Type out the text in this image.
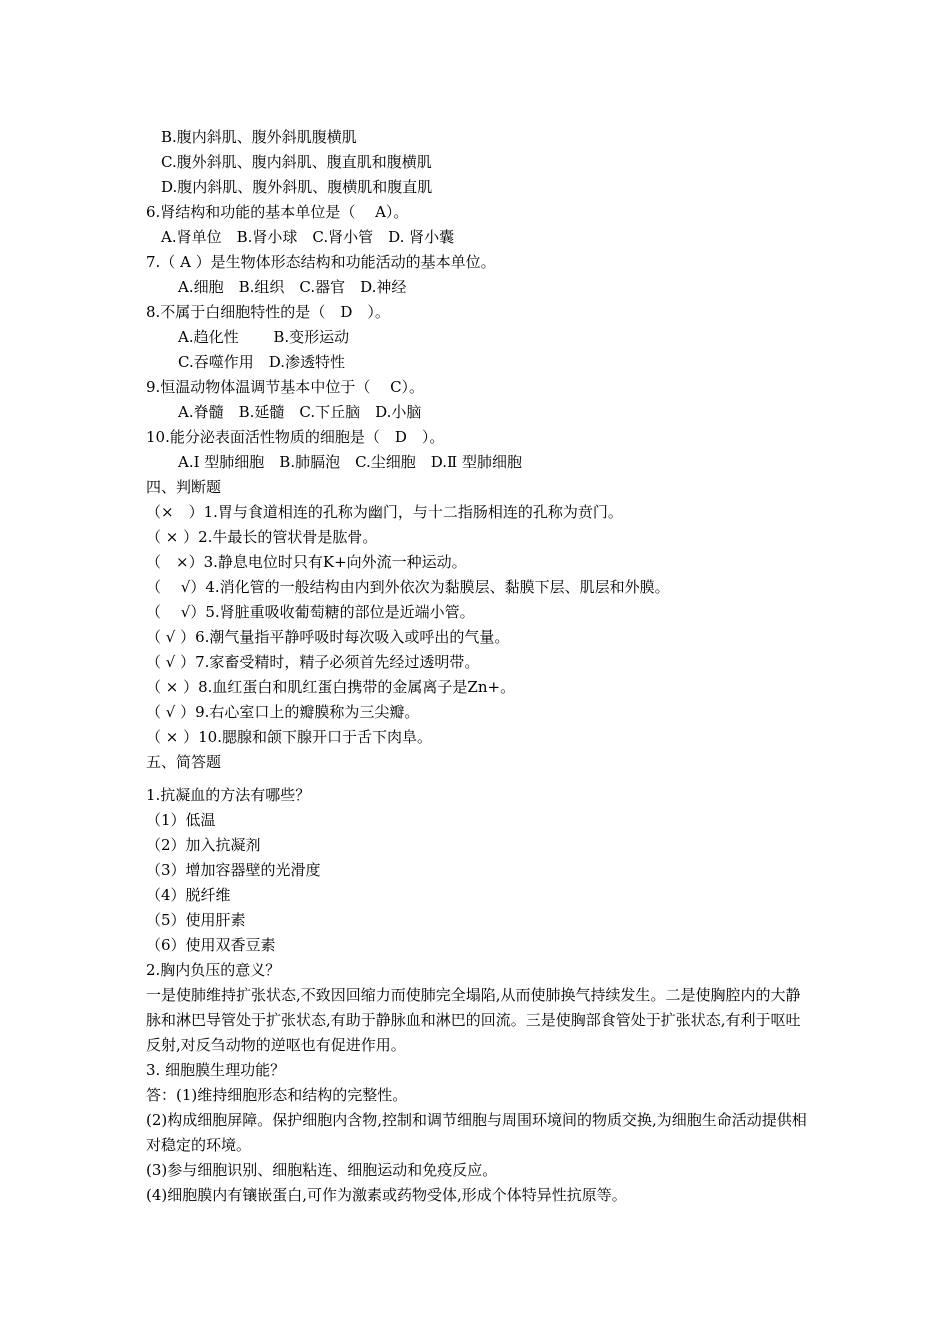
B.腹内斜肌、腹外斜肌腹横肌
C.腹外斜肌、腹内斜肌、腹直肌和腹横肌
D.腹内斜肌、腹外斜肌、腹横肌和腹直肌
6.肾结构和功能的基本单位是（　 A）。
A.肾单位　B.肾小球　C.肾小管　D. 肾小囊
7.（ A ）是生物体形态结构和功能活动的基本单位。
A.细胞　B.组织　C.器官　D.神经
8.不属于白细胞特性的是（　D　）。
A.趋化性　　 B.变形运动
C.吞噬作用　D.渗透特性
9.恒温动物体温调节基本中位于（　 C）。
A.脊髓　B.延髓　C.下丘脑　D.小脑
10.能分泌表面活性物质的细胞是（　D　）。
A.Ⅰ 型肺细胞　B.肺膈泡　C.尘细胞　D.Ⅱ 型肺细胞
四、判断题
（×　）1.胃与食道相连的孔称为幽门，与十二指肠相连的孔称为贲门。
（ × ）2.牛最长的管状骨是肱骨。
（　×）3.静息电位时只有K+向外流一种运动。
（　 √）4.消化管的一般结构由内到外依次为黏膜层、黏膜下层、肌层和外膜。
（　 √）5.肾脏重吸收葡萄糖的部位是近端小管。
（ √ ）6.潮气量指平静呼吸时每次吸入或呼出的气量。
（ √ ）7.家畜受精时，精子必须首先经过透明带。
（ × ）8.血红蛋白和肌红蛋白携带的金属离子是Zn+。
（ √ ）9.右心室口上的瓣膜称为三尖瓣。
（ × ）10.腮腺和颌下腺开口于舌下肉阜。
五、简答题
1.抗凝血的方法有哪些？
（1）低温
（2）加入抗凝剂
（3）增加容器壁的光滑度
（4）脱纤维
（5）使用肝素
（6）使用双香豆素
2.胸内负压的意义？
一是使肺维持扩张状态,不致因回缩力而使肺完全塌陷,从而使肺换气持续发生。二是使胸腔内的大静脉和淋巴导管处于扩张状态,有助于静脉血和淋巴的回流。三是使胸部食管处于扩张状态,有利于呕吐反射,对反刍动物的逆呕也有促进作用。
3. 细胞膜生理功能？
答：(1)维持细胞形态和结构的完整性。
(2)构成细胞屏障。保护细胞内含物,控制和调节细胞与周围环境间的物质交换,为细胞生命活动提供相对稳定的环境。
(3)参与细胞识别、细胞粘连、细胞运动和免疫反应。
(4)细胞膜内有镶嵌蛋白,可作为激素或药物受体,形成个体特异性抗原等。
